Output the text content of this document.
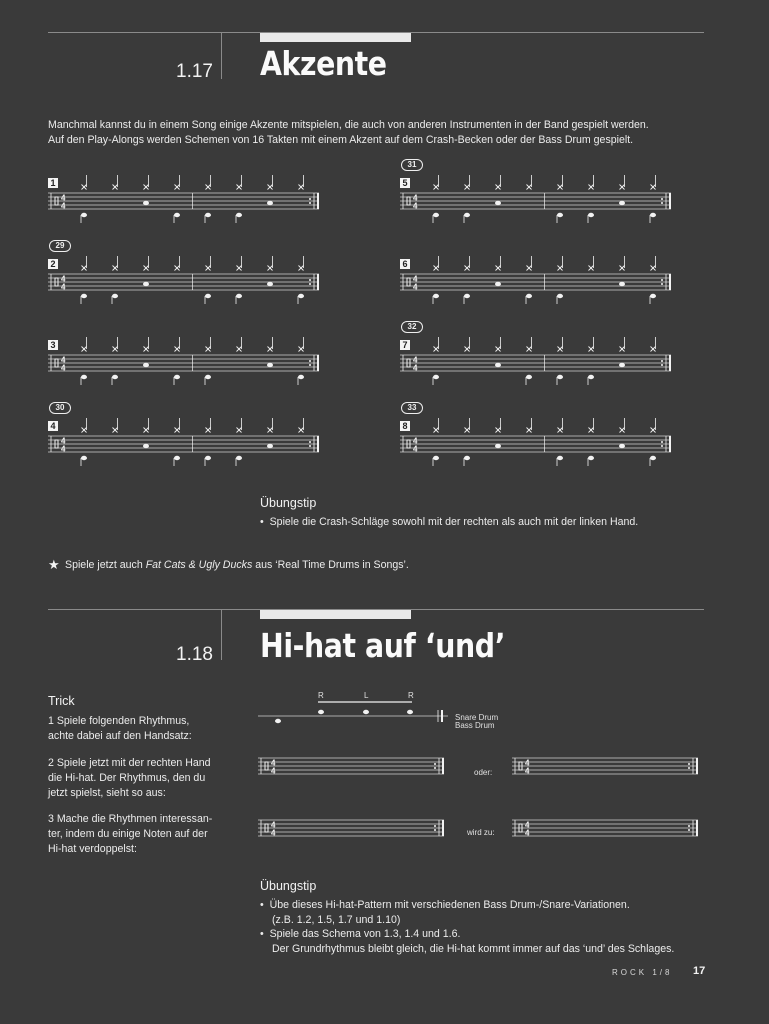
1.17 Akzente
Manchmal kannst du in einem Song einige Akzente mitspielen, die auch von anderen Instrumenten in der Band gespielt werden.
Auf den Play-Alongs werden Schemen von 16 Takten mit einem Akzent auf dem Crash-Becken oder der Bass Drum gespielt.
4
4
1
4
4
2
29
4
4
3
4
4
4
30
4
4
5
31
4
4
6
4
4
7
32
4
4
8
33
Übungstip
•  Spiele die Crash-Schläge sowohl mit der rechten als auch mit der linken Hand.
★ Spiele jetzt auch Fat Cats & Ugly Ducks aus ‘Real Time Drums in Songs’.
1.18 Hi-hat auf ‘und’
Trick
1 Spiele folgenden Rhythmus,
achte dabei auf den Handsatz:
2 Spiele jetzt mit der rechten Hand
die Hi-hat. Der Rhythmus, den du
jetzt spielst, sieht so aus:
3 Mache die Rhythmen interessan-
ter, indem du einige Noten auf der
Hi-hat verdoppelst:
4
4
4
4
4
4
4
4
R	L	R
Snare Drum
Bass Drum
oder:
wird zu:
Übungstip
•  Übe dieses Hi-hat-Pattern mit verschiedenen Bass Drum-/Snare-Variationen.
(z.B. 1.2, 1.5, 1.7 und 1.10)
•  Spiele das Schema von 1.3, 1.4 und 1.6.
Der Grundrhythmus bleibt gleich, die Hi-hat kommt immer auf das ‘und’ des Schlages.
ROCK 1/8 17
